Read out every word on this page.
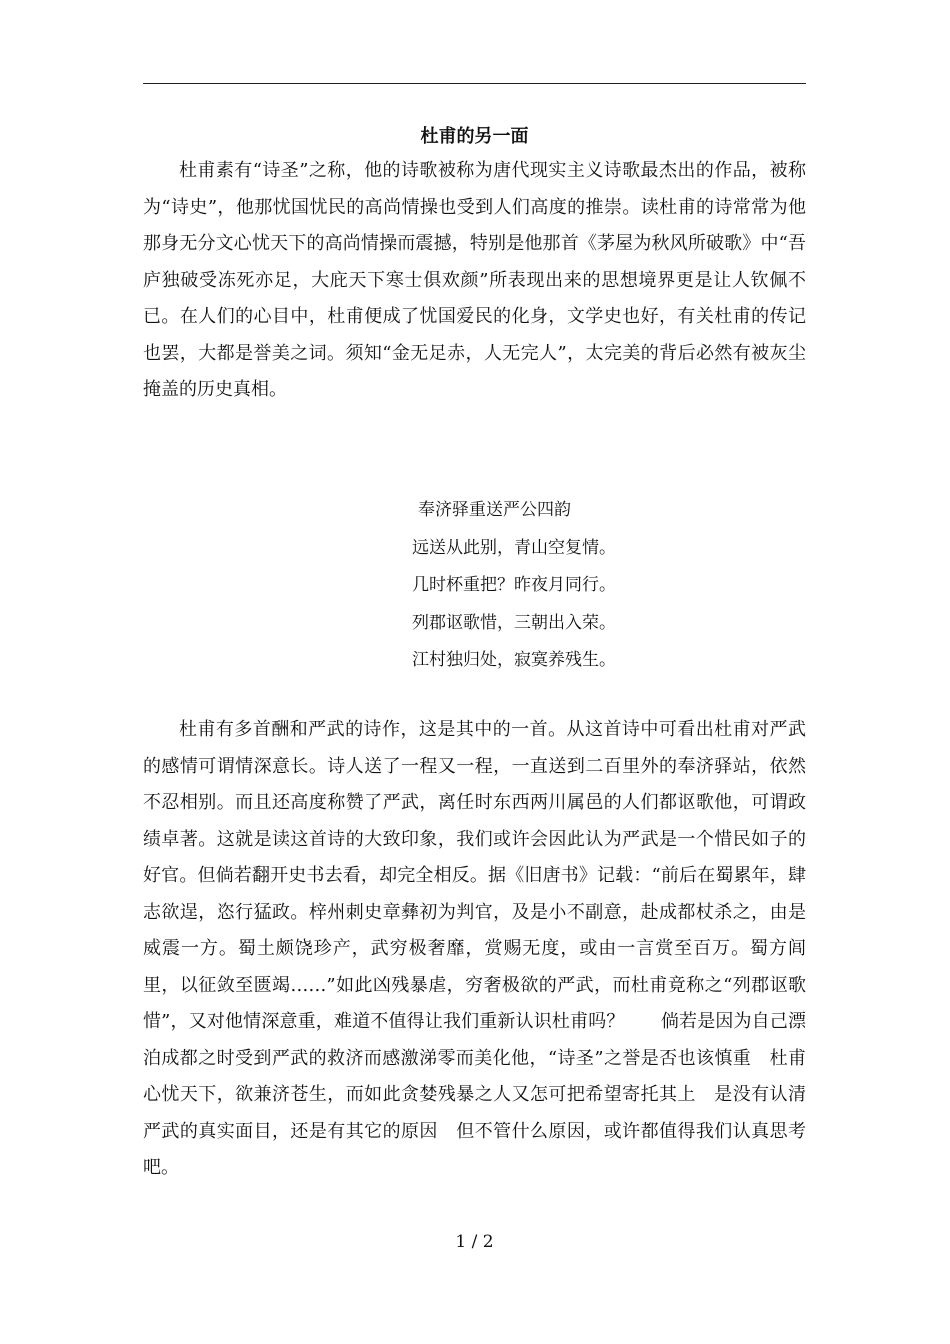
杜甫的另一面

杜甫素有“诗圣”之称，他的诗歌被称为唐代现实主义诗歌最杰出的作品，被称为“诗史”，他那忧国忧民的高尚情操也受到人们高度的推崇。读杜甫的诗常常为他那身无分文心忧天下的高尚情操而震撼，特别是他那首《茅屋为秋风所破歌》中“吾庐独破受冻死亦足，大庇天下寒士俱欢颜”所表现出来的思想境界更是让人钦佩不已。在人们的心目中，杜甫便成了忧国爱民的化身，文学史也好，有关杜甫的传记也罢，大都是誉美之词。须知“金无足赤，人无完人”，太完美的背后必然有被灰尘掩盖的历史真相。

奉济驿重送严公四韵
远送从此别，青山空复情。
几时杯重把？昨夜月同行。
列郡讴歌惜，三朝出入荣。
江村独归处，寂寞养残生。

杜甫有多首酬和严武的诗作，这是其中的一首。从这首诗中可看出杜甫对严武的感情可谓情深意长。诗人送了一程又一程，一直送到二百里外的奉济驿站，依然不忍相别。而且还高度称赞了严武，离任时东西两川属邑的人们都讴歌他，可谓政绩卓著。这就是读这首诗的大致印象，我们或许会因此认为严武是一个惜民如子的好官。但倘若翻开史书去看，却完全相反。据《旧唐书》记载：“前后在蜀累年，肆志欲逞，恣行猛政。梓州刺史章彝初为判官，及是小不副意，赴成都杖杀之，由是威震一方。蜀土颇饶珍产，武穷极奢靡，赏赐无度，或由一言赏至百万。蜀方闾里，以征敛至匮竭……”如此凶残暴虐，穷奢极欲的严武，而杜甫竟称之“列郡讴歌惜”，又对他情深意重，难道不值得让我们重新认识杜甫吗？　　倘若是因为自己漂泊成都之时受到严武的救济而感激涕零而美化他，“诗圣”之誉是否也该慎重　杜甫心忧天下，欲兼济苍生，而如此贪婪残暴之人又怎可把希望寄托其上　是没有认清严武的真实面目，还是有其它的原因　但不管什么原因，或许都值得我们认真思考吧。

1 / 2
